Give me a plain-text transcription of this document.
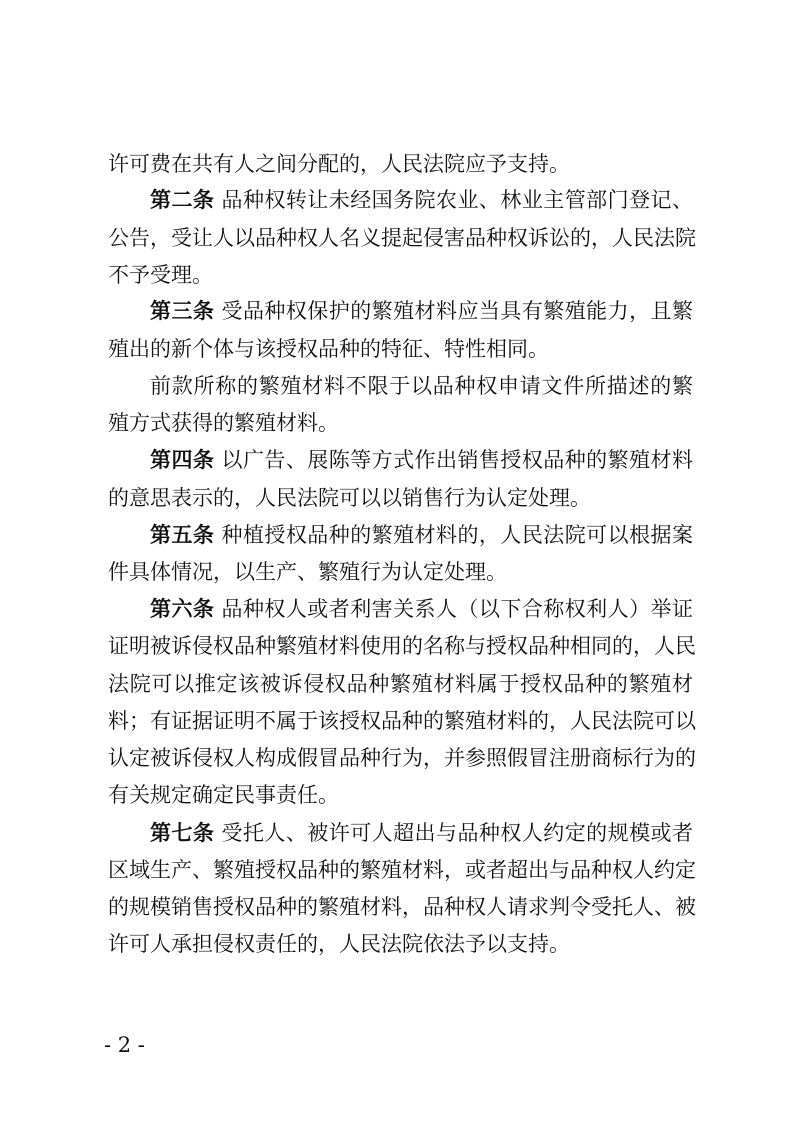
许可费在共有人之间分配的，人民法院应予支持。
第二条 品种权转让未经国务院农业、林业主管部门登记、
公告，受让人以品种权人名义提起侵害品种权诉讼的，人民法院
不予受理。
第三条 受品种权保护的繁殖材料应当具有繁殖能力，且繁
殖出的新个体与该授权品种的特征、特性相同。
前款所称的繁殖材料不限于以品种权申请文件所描述的繁
殖方式获得的繁殖材料。
第四条 以广告、展陈等方式作出销售授权品种的繁殖材料
的意思表示的，人民法院可以以销售行为认定处理。
第五条 种植授权品种的繁殖材料的，人民法院可以根据案
件具体情况，以生产、繁殖行为认定处理。
第六条 品种权人或者利害关系人（以下合称权利人）举证
证明被诉侵权品种繁殖材料使用的名称与授权品种相同的，人民
法院可以推定该被诉侵权品种繁殖材料属于授权品种的繁殖材
料；有证据证明不属于该授权品种的繁殖材料的，人民法院可以
认定被诉侵权人构成假冒品种行为，并参照假冒注册商标行为的
有关规定确定民事责任。
第七条 受托人、被许可人超出与品种权人约定的规模或者
区域生产、繁殖授权品种的繁殖材料，或者超出与品种权人约定
的规模销售授权品种的繁殖材料，品种权人请求判令受托人、被
许可人承担侵权责任的，人民法院依法予以支持。
- 2 -
